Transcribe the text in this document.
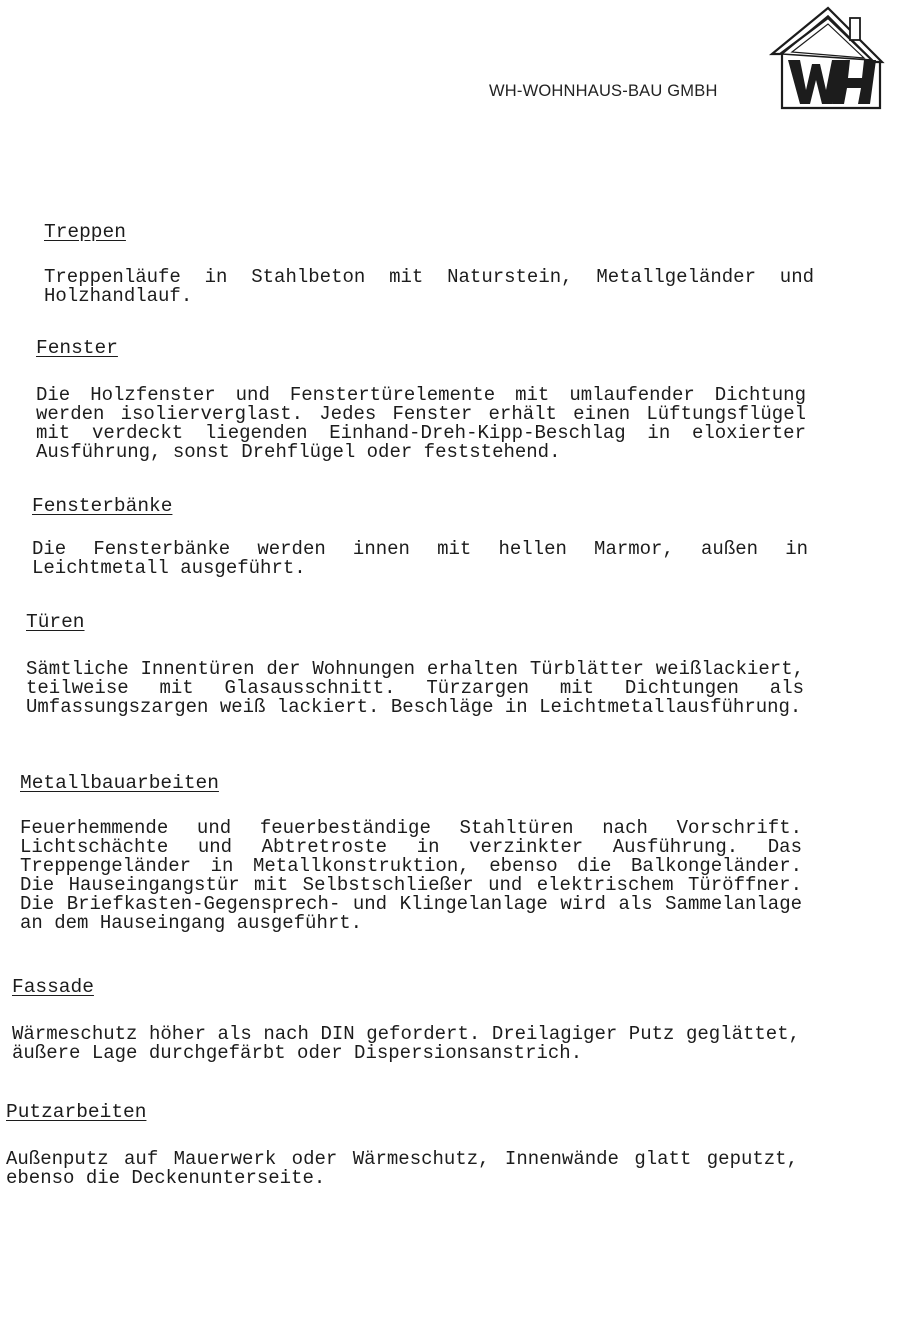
WH-WOHNHAUS-BAU GMBH

Treppen

Treppenläufe in Stahlbeton mit Naturstein, Metallgeländer und Holzhandlauf.

Fenster

Die Holzfenster und Fenstertürelemente mit umlaufender Dichtung werden isolierverglast. Jedes Fenster erhält einen Lüftungsflügel mit verdeckt liegenden Einhand-Dreh-Kipp-Beschlag in eloxierter Ausführung, sonst Drehflügel oder feststehend.

Fensterbänke

Die Fensterbänke werden innen mit hellen Marmor, außen in Leichtmetall ausgeführt.

Türen

Sämtliche Innentüren der Wohnungen erhalten Türblätter weißlackiert, teilweise mit Glasausschnitt. Türzargen mit Dichtungen als Umfassungszargen weiß lackiert. Beschläge in Leichtmetallausführung.

Metallbauarbeiten

Feuerhemmende und feuerbeständige Stahltüren nach Vorschrift. Lichtschächte und Abtretroste in verzinkter Ausführung. Das Treppengeländer in Metallkonstruktion, ebenso die Balkongeländer. Die Hauseingangstür mit Selbstschließer und elektrischem Türöffner. Die Briefkasten-Gegensprech- und Klingelanlage wird als Sammelanlage an dem Hauseingang ausgeführt.

Fassade

Wärmeschutz höher als nach DIN gefordert. Dreilagiger Putz geglättet, äußere Lage durchgefärbt oder Dispersionsanstrich.

Putzarbeiten

Außenputz auf Mauerwerk oder Wärmeschutz, Innenwände glatt geputzt, ebenso die Deckenunterseite.
